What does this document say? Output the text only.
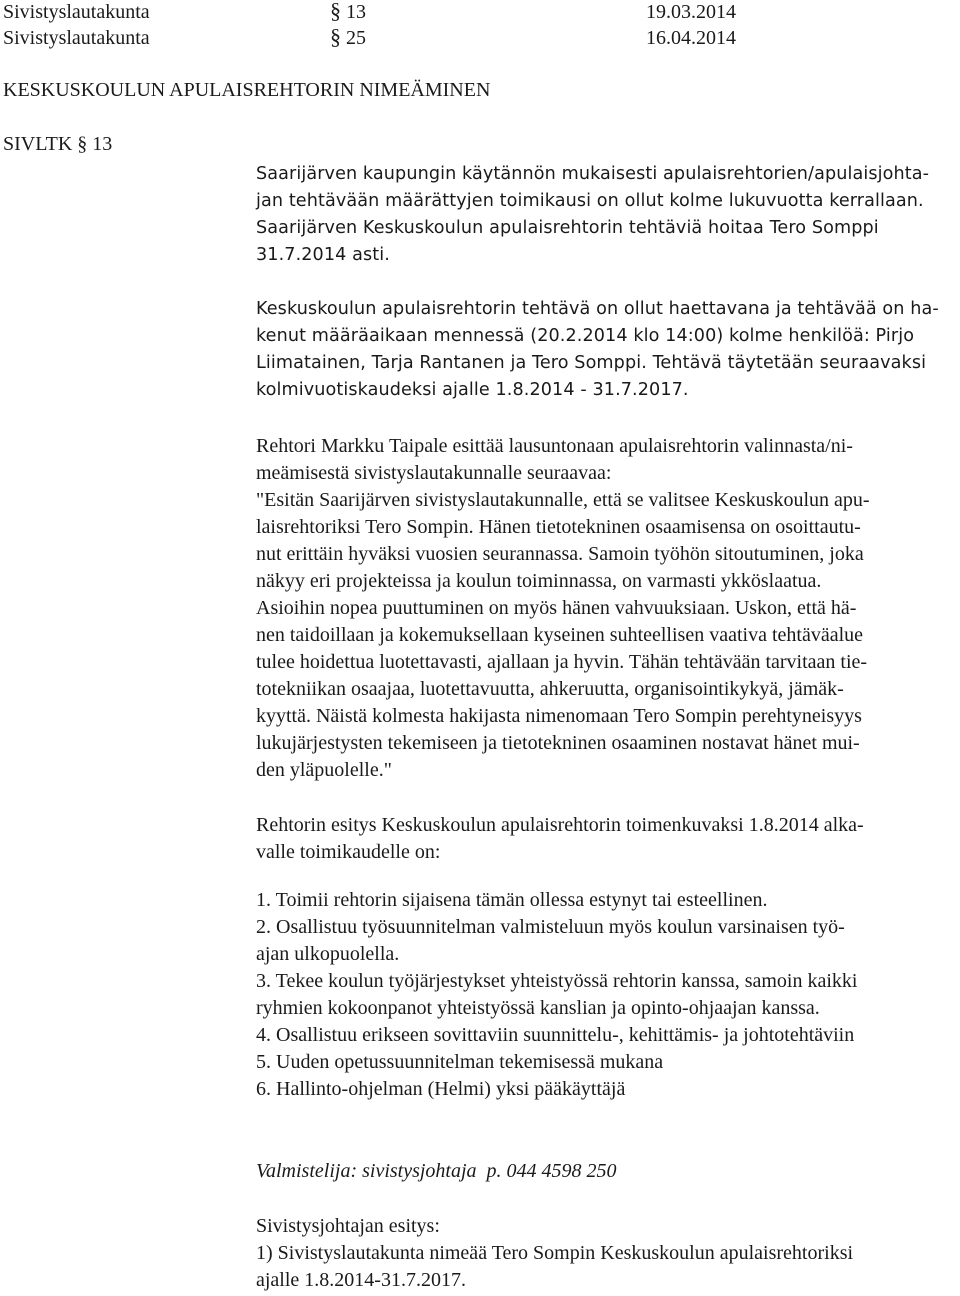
Sivistyslautakunta	§ 13	19.03.2014
Sivistyslautakunta	§ 25	16.04.2014
KESKUSKOULUN APULAISREHTORIN NIMEÄMINEN
SIVLTK § 13
Saarijärven kaupungin käytännön mukaisesti apulaisrehtorien/apulaisjohta-
jan tehtävään määrättyjen toimikausi on ollut kolme lukuvuotta kerrallaan.
Saarijärven Keskuskoulun apulaisrehtorin tehtäviä hoitaa Tero Somppi
31.7.2014 asti.
Keskuskoulun apulaisrehtorin tehtävä on ollut haettavana ja tehtävää on ha-
kenut määräaikaan mennessä (20.2.2014 klo 14:00) kolme henkilöä: Pirjo
Liimatainen, Tarja Rantanen ja Tero Somppi. Tehtävä täytetään seuraavaksi
kolmivuotiskaudeksi ajalle 1.8.2014 - 31.7.2017.
Rehtori Markku Taipale esittää lausuntonaan apulaisrehtorin valinnasta/ni-
meämisestä sivistyslautakunnalle seuraavaa:
"Esitän Saarijärven sivistyslautakunnalle, että se valitsee Keskuskoulun apu-
laisrehtoriksi Tero Sompin. Hänen tietotekninen osaamisensa on osoittautu-
nut erittäin hyväksi vuosien seurannassa. Samoin työhön sitoutuminen, joka
näkyy eri projekteissa ja koulun toiminnassa, on varmasti ykköslaatua.
Asioihin nopea puuttuminen on myös hänen vahvuuksiaan. Uskon, että hä-
nen taidoillaan ja kokemuksellaan kyseinen suhteellisen vaativa tehtäväalue
tulee hoidettua luotettavasti, ajallaan ja hyvin. Tähän tehtävään tarvitaan tie-
totekniikan osaajaa, luotettavuutta, ahkeruutta, organisointikykyä, jämäk-
kyyttä. Näistä kolmesta hakijasta nimenomaan Tero Sompin perehtyneisyys
lukujärjestysten tekemiseen ja tietotekninen osaaminen nostavat hänet mui-
den yläpuolelle."
Rehtorin esitys Keskuskoulun apulaisrehtorin toimenkuvaksi 1.8.2014 alka-
valle toimikaudelle on:
1. Toimii rehtorin sijaisena tämän ollessa estynyt tai esteellinen.
2. Osallistuu työsuunnitelman valmisteluun myös koulun varsinaisen työ-
ajan ulkopuolella.
3. Tekee koulun työjärjestykset yhteistyössä rehtorin kanssa, samoin kaikki
ryhmien kokoonpanot yhteistyössä kanslian ja opinto-ohjaajan kanssa.
4. Osallistuu erikseen sovittaviin suunnittelu-, kehittämis- ja johtotehtäviin
5. Uuden opetussuunnitelman tekemisessä mukana
6. Hallinto-ohjelman (Helmi) yksi pääkäyttäjä
Valmistelija: sivistysjohtaja  p. 044 4598 250
Sivistysjohtajan esitys:
1) Sivistyslautakunta nimeää Tero Sompin Keskuskoulun apulaisrehtoriksi
ajalle 1.8.2014-31.7.2017.
